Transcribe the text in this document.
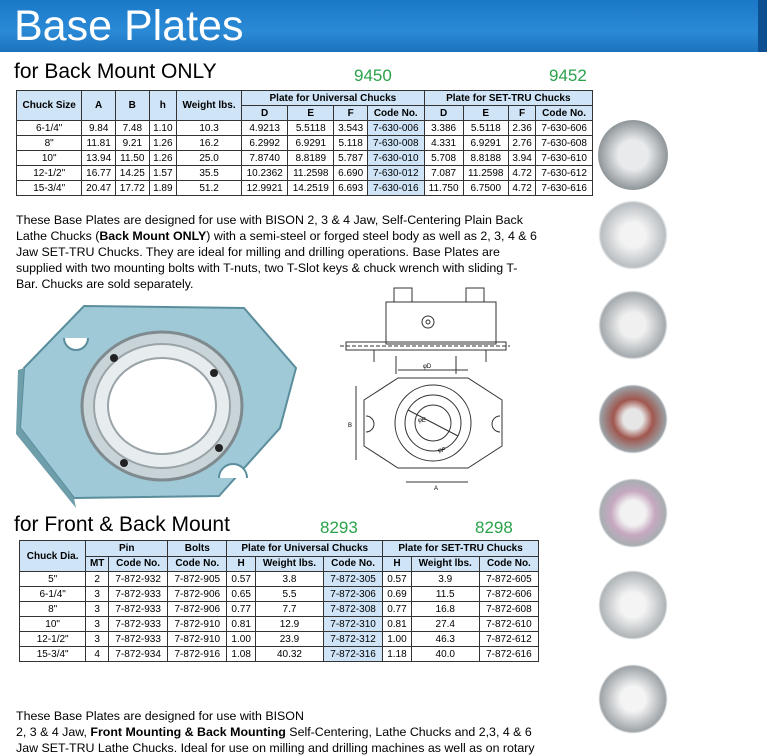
Base Plates
for Back Mount ONLY	9450	9452
Chuck Size	A	B	h	Weight lbs.	Plate for Universal Chucks				Plate for SET-TRU Chucks			
					D	E	F	Code No.	D	E	F	Code No.
6-1/4"	9.84	7.48	1.10	10.3	4.9213	5.5118	3.543	7-630-006	3.386	5.5118	2.36	7-630-606
8"	11.81	9.21	1.26	16.2	6.2992	6.9291	5.118	7-630-008	4.331	6.9291	2.76	7-630-608
10"	13.94	11.50	1.26	25.0	7.8740	8.8189	5.787	7-630-010	5.708	8.8188	3.94	7-630-610
12-1/2"	16.77	14.25	1.57	35.5	10.2362	11.2598	6.690	7-630-012	7.087	11.2598	4.72	7-630-612
15-3/4"	20.47	17.72	1.89	51.2	12.9921	14.2519	6.693	7-630-016	11.750	6.7500	4.72	7-630-616
These Base Plates are designed for use with BISON 2, 3 & 4 Jaw, Self-Centering Plain Back
Lathe Chucks (Back Mount ONLY) with a semi-steel or forged steel body as well as 2, 3, 4 & 6
Jaw SET-TRU Chucks. They are ideal for milling and drilling operations. Base Plates are
supplied with two mounting bolts with T-nuts, two T-Slot keys & chuck wrench with sliding T-
Bar. Chucks are sold separately.
φD
φE
φF
B
A
for Front & Back Mount	8293	8298
Chuck Dia.	Pin		Bolts	Plate for Universal Chucks			Plate for SET-TRU Chucks		
	MT	Code No.	Code No.	H	Weight lbs.	Code No.	H	Weight lbs.	Code No.
5"	2	7-872-932	7-872-905	0.57	3.8	7-872-305	0.57	3.9	7-872-605
6-1/4"	3	7-872-933	7-872-906	0.65	5.5	7-872-306	0.69	11.5	7-872-606
8"	3	7-872-933	7-872-906	0.77	7.7	7-872-308	0.77	16.8	7-872-608
10"	3	7-872-933	7-872-910	0.81	12.9	7-872-310	0.81	27.4	7-872-610
12-1/2"	3	7-872-933	7-872-910	1.00	23.9	7-872-312	1.00	46.3	7-872-612
15-3/4"	4	7-872-934	7-872-916	1.08	40.32	7-872-316	1.18	40.0	7-872-616
These Base Plates are designed for use with BISON
2, 3 & 4 Jaw, Front Mounting & Back Mounting Self-Centering, Lathe Chucks and 2,3, 4 & 6
Jaw SET-TRU Lathe Chucks. Ideal for use on milling and drilling machines as well as on rotary
